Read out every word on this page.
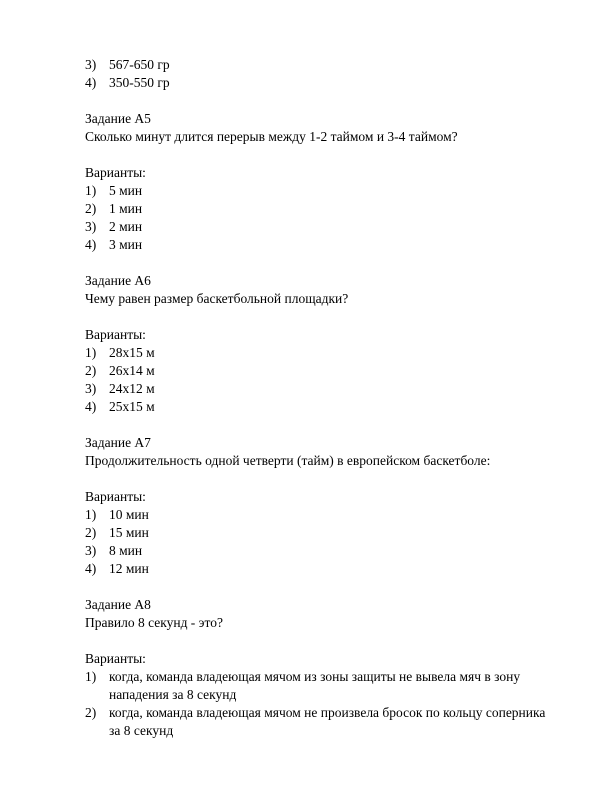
3) 567-650 гр
4) 350-550 гр

Задание А5

Сколько минут длится перерыв между 1-2 таймом и 3-4 таймом?

Варианты:

1) 5 мин
2) 1 мин
3) 2 мин
4) 3 мин

Задание А6

Чему равен размер баскетбольной площадки?

Варианты:

1) 28х15 м
2) 26х14 м
3) 24х12 м
4) 25х15 м

Задание А7

Продолжительность одной четверти (тайм) в европейском баскетболе:

Варианты:

1) 10 мин
2) 15 мин
3) 8 мин
4) 12 мин

Задание А8

Правило 8 секунд - это?

Варианты:

1) когда, команда владеющая мячом из зоны защиты не вывела мяч в зону нападения за 8 секунд
2) когда, команда владеющая мячом не произвела бросок по кольцу соперника за 8 секунд
